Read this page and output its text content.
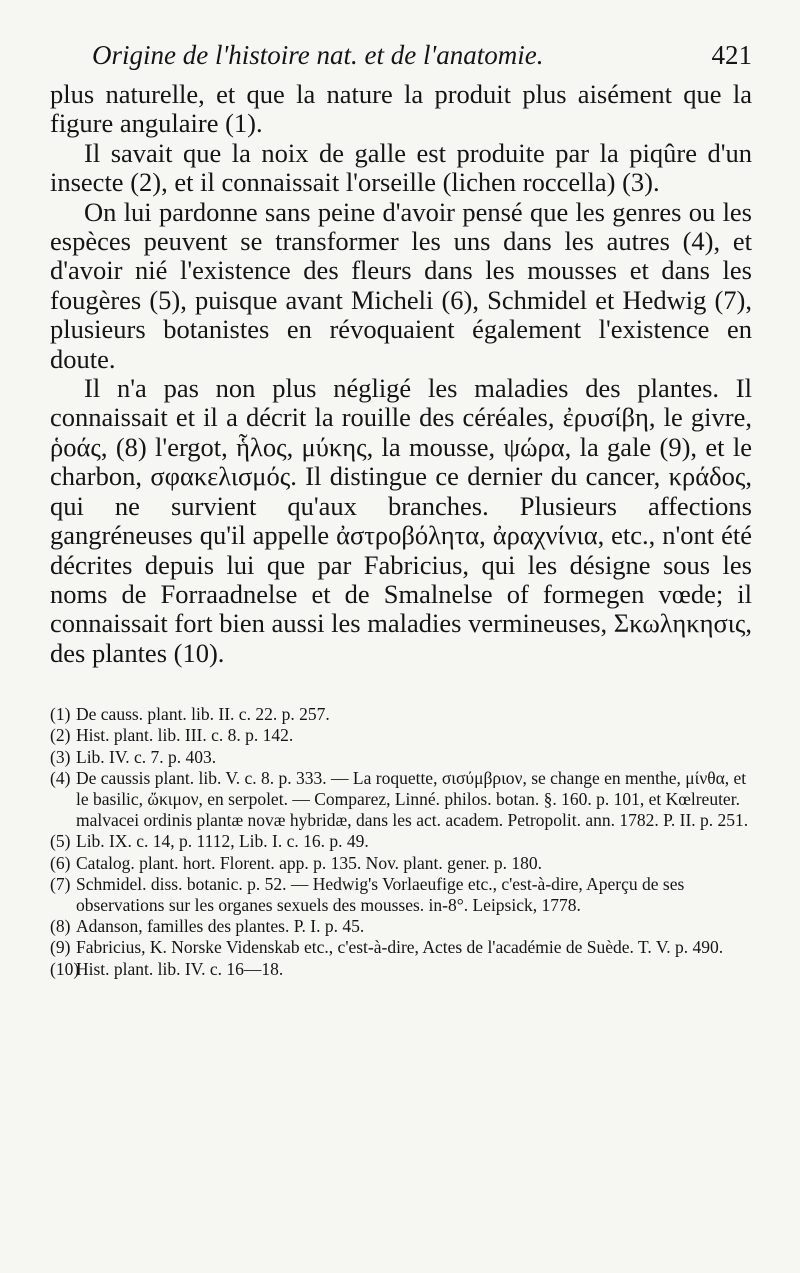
Origine de l'histoire nat. et de l'anatomie.	421

plus naturelle, et que la nature la produit plus aisément que la figure angulaire (1).

Il savait que la noix de galle est produite par la piqûre d'un insecte (2), et il connaissait l'orseille (lichen roccella) (3).

On lui pardonne sans peine d'avoir pensé que les genres ou les espèces peuvent se transformer les uns dans les autres (4), et d'avoir nié l'existence des fleurs dans les mousses et dans les fougères (5), puisque avant Micheli (6), Schmidel et Hedwig (7), plusieurs botanistes en révoquaient également l'existence en doute.

Il n'a pas non plus négligé les maladies des plantes. Il connaissait et il a décrit la rouille des céréales, ἐρυσίβη, le givre, ῥοάς, (8) l'ergot, ἧλος, μύκης, la mousse, ψώρα, la gale (9), et le charbon, σφακελισμός. Il distingue ce dernier du cancer, κράδος, qui ne survient qu'aux branches. Plusieurs affections gangréneuses qu'il appelle ἀστροβόλητα, ἀραχνίνια, etc., n'ont été décrites depuis lui que par Fabricius, qui les désigne sous les noms de Forraadnelse et de Smalnelse of formegen vœde; il connaissait fort bien aussi les maladies vermineuses, Σκωληκησις, des plantes (10).

(1) De causs. plant. lib. II. c. 22. p. 257.

(2) Hist. plant. lib. III. c. 8. p. 142.

(3) Lib. IV. c. 7. p. 403.

(4) De caussis plant. lib. V. c. 8. p. 333. — La roquette, σισύμβριον, se change en menthe, μίνθα, et le basilic, ὤκιμον, en serpolet. — Comparez, Linné. philos. botan. §. 160. p. 101, et Kœlreuter. malvacei ordinis plantæ novæ hybridæ, dans les act. academ. Petropolit. ann. 1782. P. II. p. 251.

(5) Lib. IX. c. 14, p. 1112, Lib. I. c. 16. p. 49.

(6) Catalog. plant. hort. Florent. app. p. 135. Nov. plant. gener. p. 180.

(7) Schmidel. diss. botanic. p. 52. — Hedwig's Vorlaeufige etc., c'est-à-dire, Aperçu de ses observations sur les organes sexuels des mousses. in-8°. Leipsick, 1778.

(8) Adanson, familles des plantes. P. I. p. 45.

(9) Fabricius, K. Norske Videnskab etc., c'est-à-dire, Actes de l'académie de Suède. T. V. p. 490.

(10)Hist. plant. lib. IV. c. 16—18.
